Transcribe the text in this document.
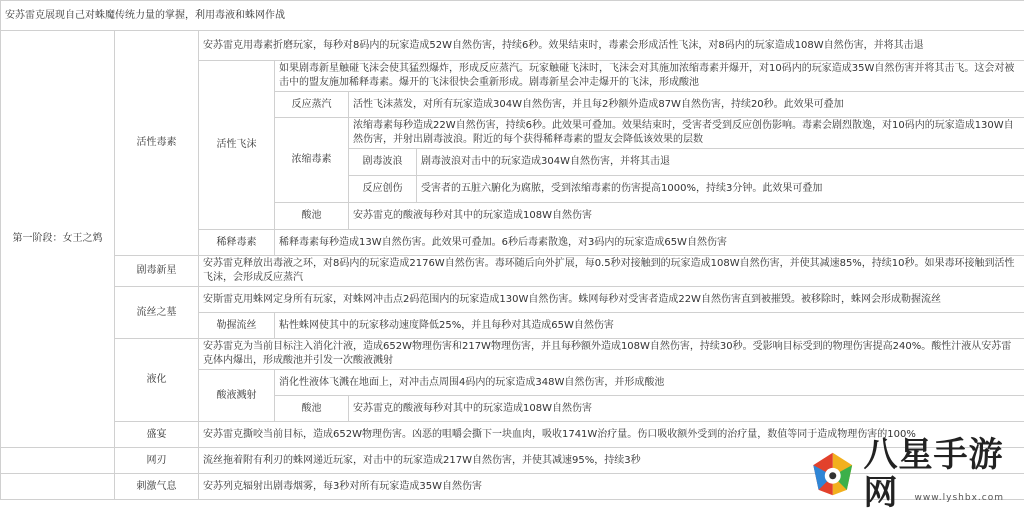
安苏雷克展现自己对蛛魔传统力量的掌握，利用毒液和蛛网作战					
第一阶段：女王之鸩	活性毒素	安苏雷克用毒素折磨玩家，每秒对8码内的玩家造成52W自然伤害，持续6秒。效果结束时，毒素会形成活性飞沫，对8码内的玩家造成108W自然伤害，并将其击退			
		活性飞沫	如果剧毒新星触碰飞沫会使其猛烈爆炸，形成反应蒸汽。玩家触碰飞沫时，飞沫会对其施加浓缩毒素并爆开，对10码内的玩家造成35W自然伤害并将其击飞。这会对被击中的盟友施加稀释毒素。爆开的飞沫很快会重新形成。剧毒新星会冲走爆开的飞沫，形成酸池		
			反应蒸汽	活性飞沫蒸发，对所有玩家造成304W自然伤害，并且每2秒额外造成87W自然伤害，持续20秒。此效果可叠加	
			浓缩毒素	浓缩毒素每秒造成22W自然伤害，持续6秒。此效果可叠加。效果结束时，受害者受到反应创伤影响。毒素会剧烈散逸，对10码内的玩家造成130W自然伤害，并射出剧毒波浪。附近的每个获得稀释毒素的盟友会降低该效果的层数	
				剧毒波浪	剧毒波浪对击中的玩家造成304W自然伤害，并将其击退
				反应创伤	受害者的五脏六腑化为腐脓，受到浓缩毒素的伤害提高1000%，持续3分钟。此效果可叠加
			酸池	安苏雷克的酸液每秒对其中的玩家造成108W自然伤害	
		稀释毒素	稀释毒素每秒造成13W自然伤害。此效果可叠加。6秒后毒素散逸，对3码内的玩家造成65W自然伤害		
	剧毒新星	安苏雷克释放出毒液之环，对8码内的玩家造成2176W自然伤害。毒环随后向外扩展，每0.5秒对接触到的玩家造成108W自然伤害，并使其减速85%，持续10秒。如果毒环接触到活性飞沫，会形成反应蒸汽			
	流丝之墓	安斯雷克用蛛网定身所有玩家，对蛛网冲击点2码范围内的玩家造成130W自然伤害。蛛网每秒对受害者造成22W自然伤害直到被摧毁。被移除时，蛛网会形成勒握流丝			
		勒握流丝	粘性蛛网使其中的玩家移动速度降低25%，并且每秒对其造成65W自然伤害		
	液化	安苏雷克为当前目标注入消化汁液，造成652W物理伤害和217W物理伤害，并且每秒额外造成108W自然伤害，持续30秒。受影响目标受到的物理伤害提高240%。酸性汁液从安苏雷克体内爆出，形成酸池并引发一次酸液溅射			
		酸液溅射	消化性液体飞溅在地面上，对冲击点周围4码内的玩家造成348W自然伤害，并形成酸池		
			酸池	安苏雷克的酸液每秒对其中的玩家造成108W自然伤害	
	盛宴	安苏雷克撕咬当前目标，造成652W物理伤害。凶恶的咀嚼会撕下一块血肉，吸收1741W治疗量。伤口吸收额外受到的治疗量，数值等同于造成物理伤害的100%			
	网刃	流丝拖着附有利刃的蛛网递近玩家，对击中的玩家造成217W自然伤害，并使其减速95%，持续3秒			
	刺激气息	安苏列克辐射出剧毒烟雾，每3秒对所有玩家造成35W自然伤害			
八星手游网	www.lyshbx.com
